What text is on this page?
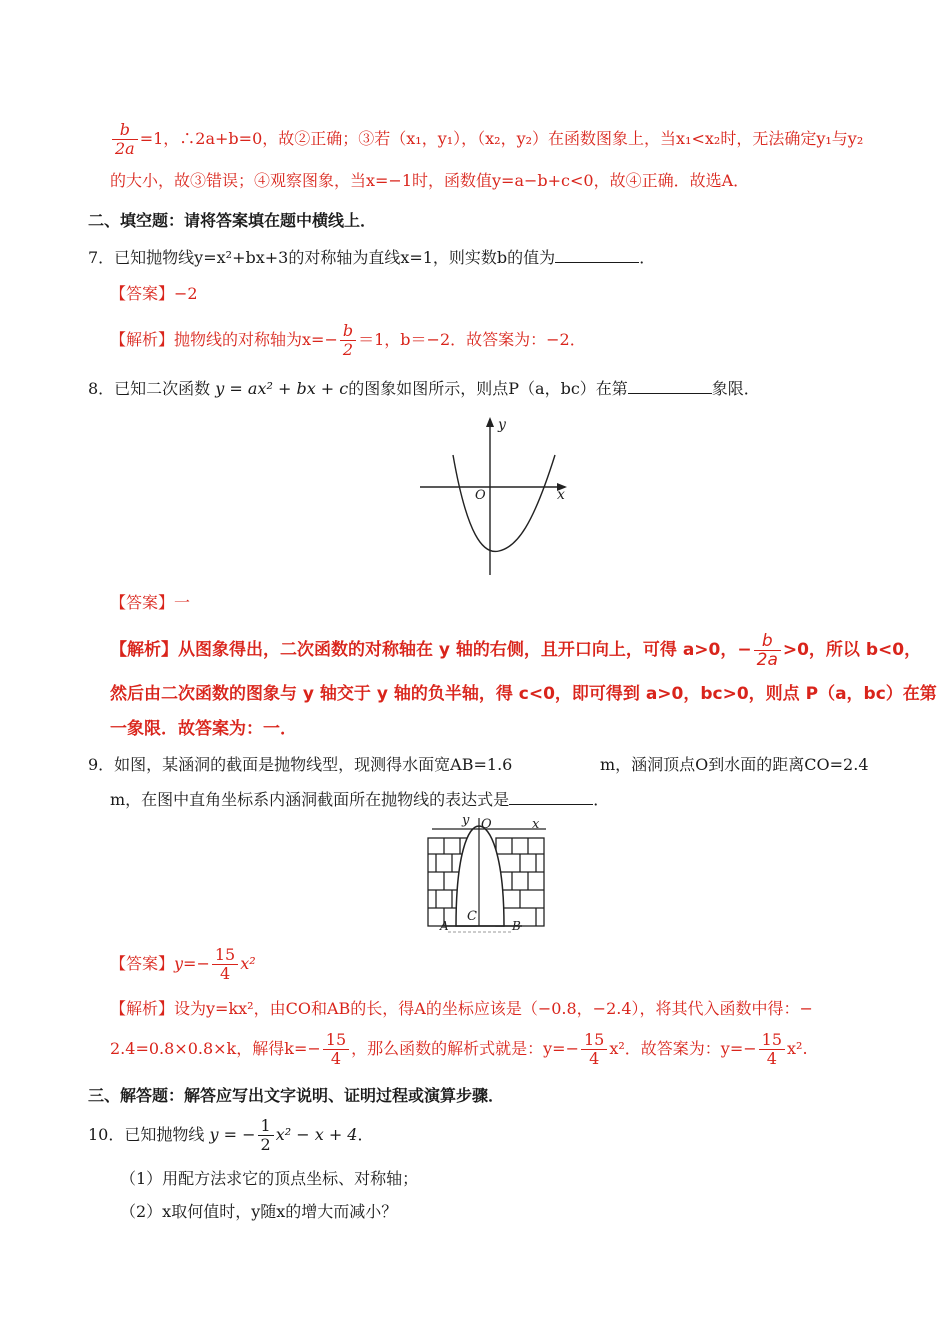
$\frac{b}{2a} =1$，∴2a+b=0，故②正确；③若（x₁，y₁），（x₂，y₂）在函数图象上，当x₁<x₂时，无法确定y₁与y₂
的大小，故③错误；④观察图象，当x=−1时，函数值y=a−b+c<0，故④正确．故选A．
二、填空题：请将答案填在题中横线上．
7．已知抛物线y=x²+bx+3的对称轴为直线x=1，则实数b的值为	．
【答案】−2
【解析】抛物线的对称轴为$x=- \frac{b}{2} =1$，b＝−2．故答案为：−2．
8．已知二次函数 y = ax² + bx + c的图象如图所示，则点P（a，bc）在第	象限．
y
x
O
【答案】一
【解析】从图象得出，二次函数的对称轴在 y 轴的右侧，且开口向上，可得 a>0，− $\frac{b}{2a} >0$，所以 b<0，
然后由二次函数的图象与 y 轴交于 y 轴的负半轴，得 c<0，即可得到 a>0，bc>0，则点 P（a，bc）在第
一象限．故答案为：一．
9．如图，某涵洞的截面是抛物线型，现测得水面宽AB=1.6	m，涵洞顶点O到水面的距离CO=2.4
m，在图中直角坐标系内涵洞截面所在抛物线的表达式是	．
y O	x
C
A	B
【答案】$y=- \frac{15}{4} x^2$
【解析】设为y=kx²，由CO和AB的长，得A的坐标应该是（−0.8，−2.4），将其代入函数中得：−
2.4=0.8×0.8×k，解得$k=- \frac{15}{4}$ ，那么函数的解析式就是：$y=- \frac{15}{4} x^2$．故答案为：$y=- \frac{15}{4} x^2$.
三、解答题：解答应写出文字说明、证明过程或演算步骤．
10．已知抛物线 y = − $\frac{1}{2} x^2 - x + 4$．
（1）用配方法求它的顶点坐标、对称轴；
（2）x取何值时，y随x的增大而减小？
